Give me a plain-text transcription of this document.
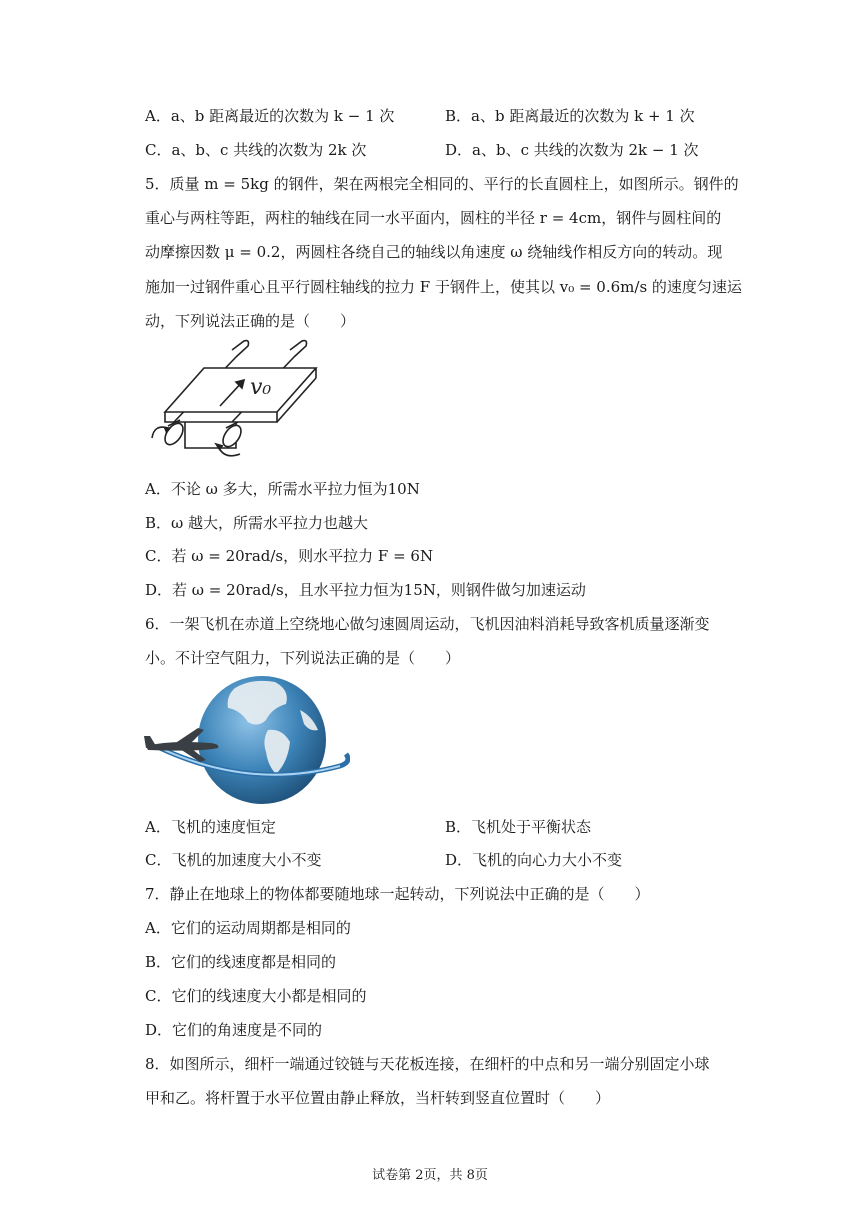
A．a、b 距离最近的次数为 k − 1 次	B．a、b 距离最近的次数为 k + 1 次
C．a、b、c 共线的次数为 2k 次	D．a、b、c 共线的次数为 2k − 1 次
5．质量 m = 5kg 的钢件，架在两根完全相同的、平行的长直圆柱上，如图所示。钢件的
重心与两柱等距，两柱的轴线在同一水平面内，圆柱的半径 r = 4cm，钢件与圆柱间的
动摩擦因数 μ = 0.2，两圆柱各绕自己的轴线以角速度 ω 绕轴线作相反方向的转动。现
施加一过钢件重心且平行圆柱轴线的拉力 F 于钢件上，使其以 v₀ = 0.6m/s 的速度匀速运
动，下列说法正确的是（　　）
v₀
A．不论 ω 多大，所需水平拉力恒为10N
B．ω 越大，所需水平拉力也越大
C．若 ω = 20rad/s，则水平拉力 F = 6N
D．若 ω = 20rad/s，且水平拉力恒为15N，则钢件做匀加速运动
6．一架飞机在赤道上空绕地心做匀速圆周运动，飞机因油料消耗导致客机质量逐渐变
小。不计空气阻力，下列说法正确的是（　　）
A．飞机的速度恒定	B．飞机处于平衡状态
C．飞机的加速度大小不变	D．飞机的向心力大小不变
7．静止在地球上的物体都要随地球一起转动，下列说法中正确的是（　　）
A．它们的运动周期都是相同的
B．它们的线速度都是相同的
C．它们的线速度大小都是相同的
D．它们的角速度是不同的
8．如图所示，细杆一端通过铰链与天花板连接，在细杆的中点和另一端分别固定小球
甲和乙。将杆置于水平位置由静止释放，当杆转到竖直位置时（　　）
试卷第 2页，共 8页
